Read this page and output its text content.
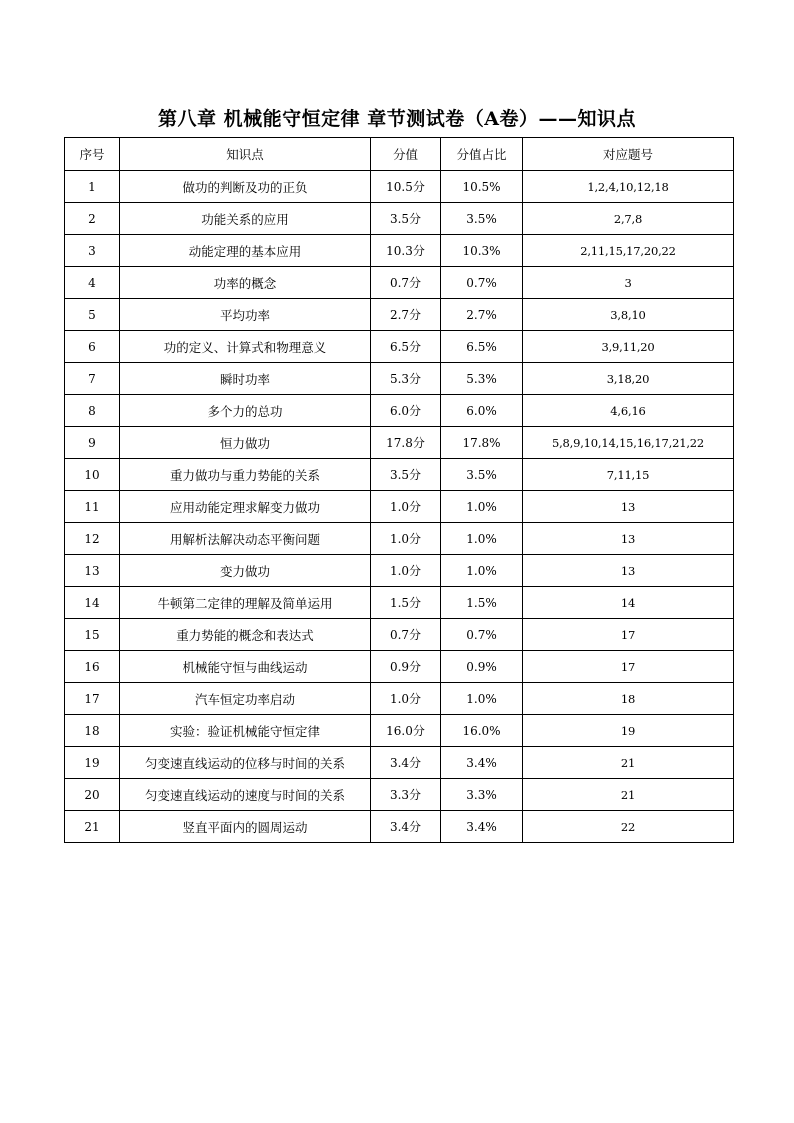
第八章 机械能守恒定律 章节测试卷（A卷）——知识点
序号	知识点	分值	分值占比	对应题号
1	做功的判断及功的正负	10.5分	10.5%	1,2,4,10,12,18
2	功能关系的应用	3.5分	3.5%	2,7,8
3	动能定理的基本应用	10.3分	10.3%	2,11,15,17,20,22
4	功率的概念	0.7分	0.7%	3
5	平均功率	2.7分	2.7%	3,8,10
6	功的定义、计算式和物理意义	6.5分	6.5%	3,9,11,20
7	瞬时功率	5.3分	5.3%	3,18,20
8	多个力的总功	6.0分	6.0%	4,6,16
9	恒力做功	17.8分	17.8%	5,8,9,10,14,15,16,17,21,22
10	重力做功与重力势能的关系	3.5分	3.5%	7,11,15
11	应用动能定理求解变力做功	1.0分	1.0%	13
12	用解析法解决动态平衡问题	1.0分	1.0%	13
13	变力做功	1.0分	1.0%	13
14	牛顿第二定律的理解及简单运用	1.5分	1.5%	14
15	重力势能的概念和表达式	0.7分	0.7%	17
16	机械能守恒与曲线运动	0.9分	0.9%	17
17	汽车恒定功率启动	1.0分	1.0%	18
18	实验：验证机械能守恒定律	16.0分	16.0%	19
19	匀变速直线运动的位移与时间的关系	3.4分	3.4%	21
20	匀变速直线运动的速度与时间的关系	3.3分	3.3%	21
21	竖直平面内的圆周运动	3.4分	3.4%	22
